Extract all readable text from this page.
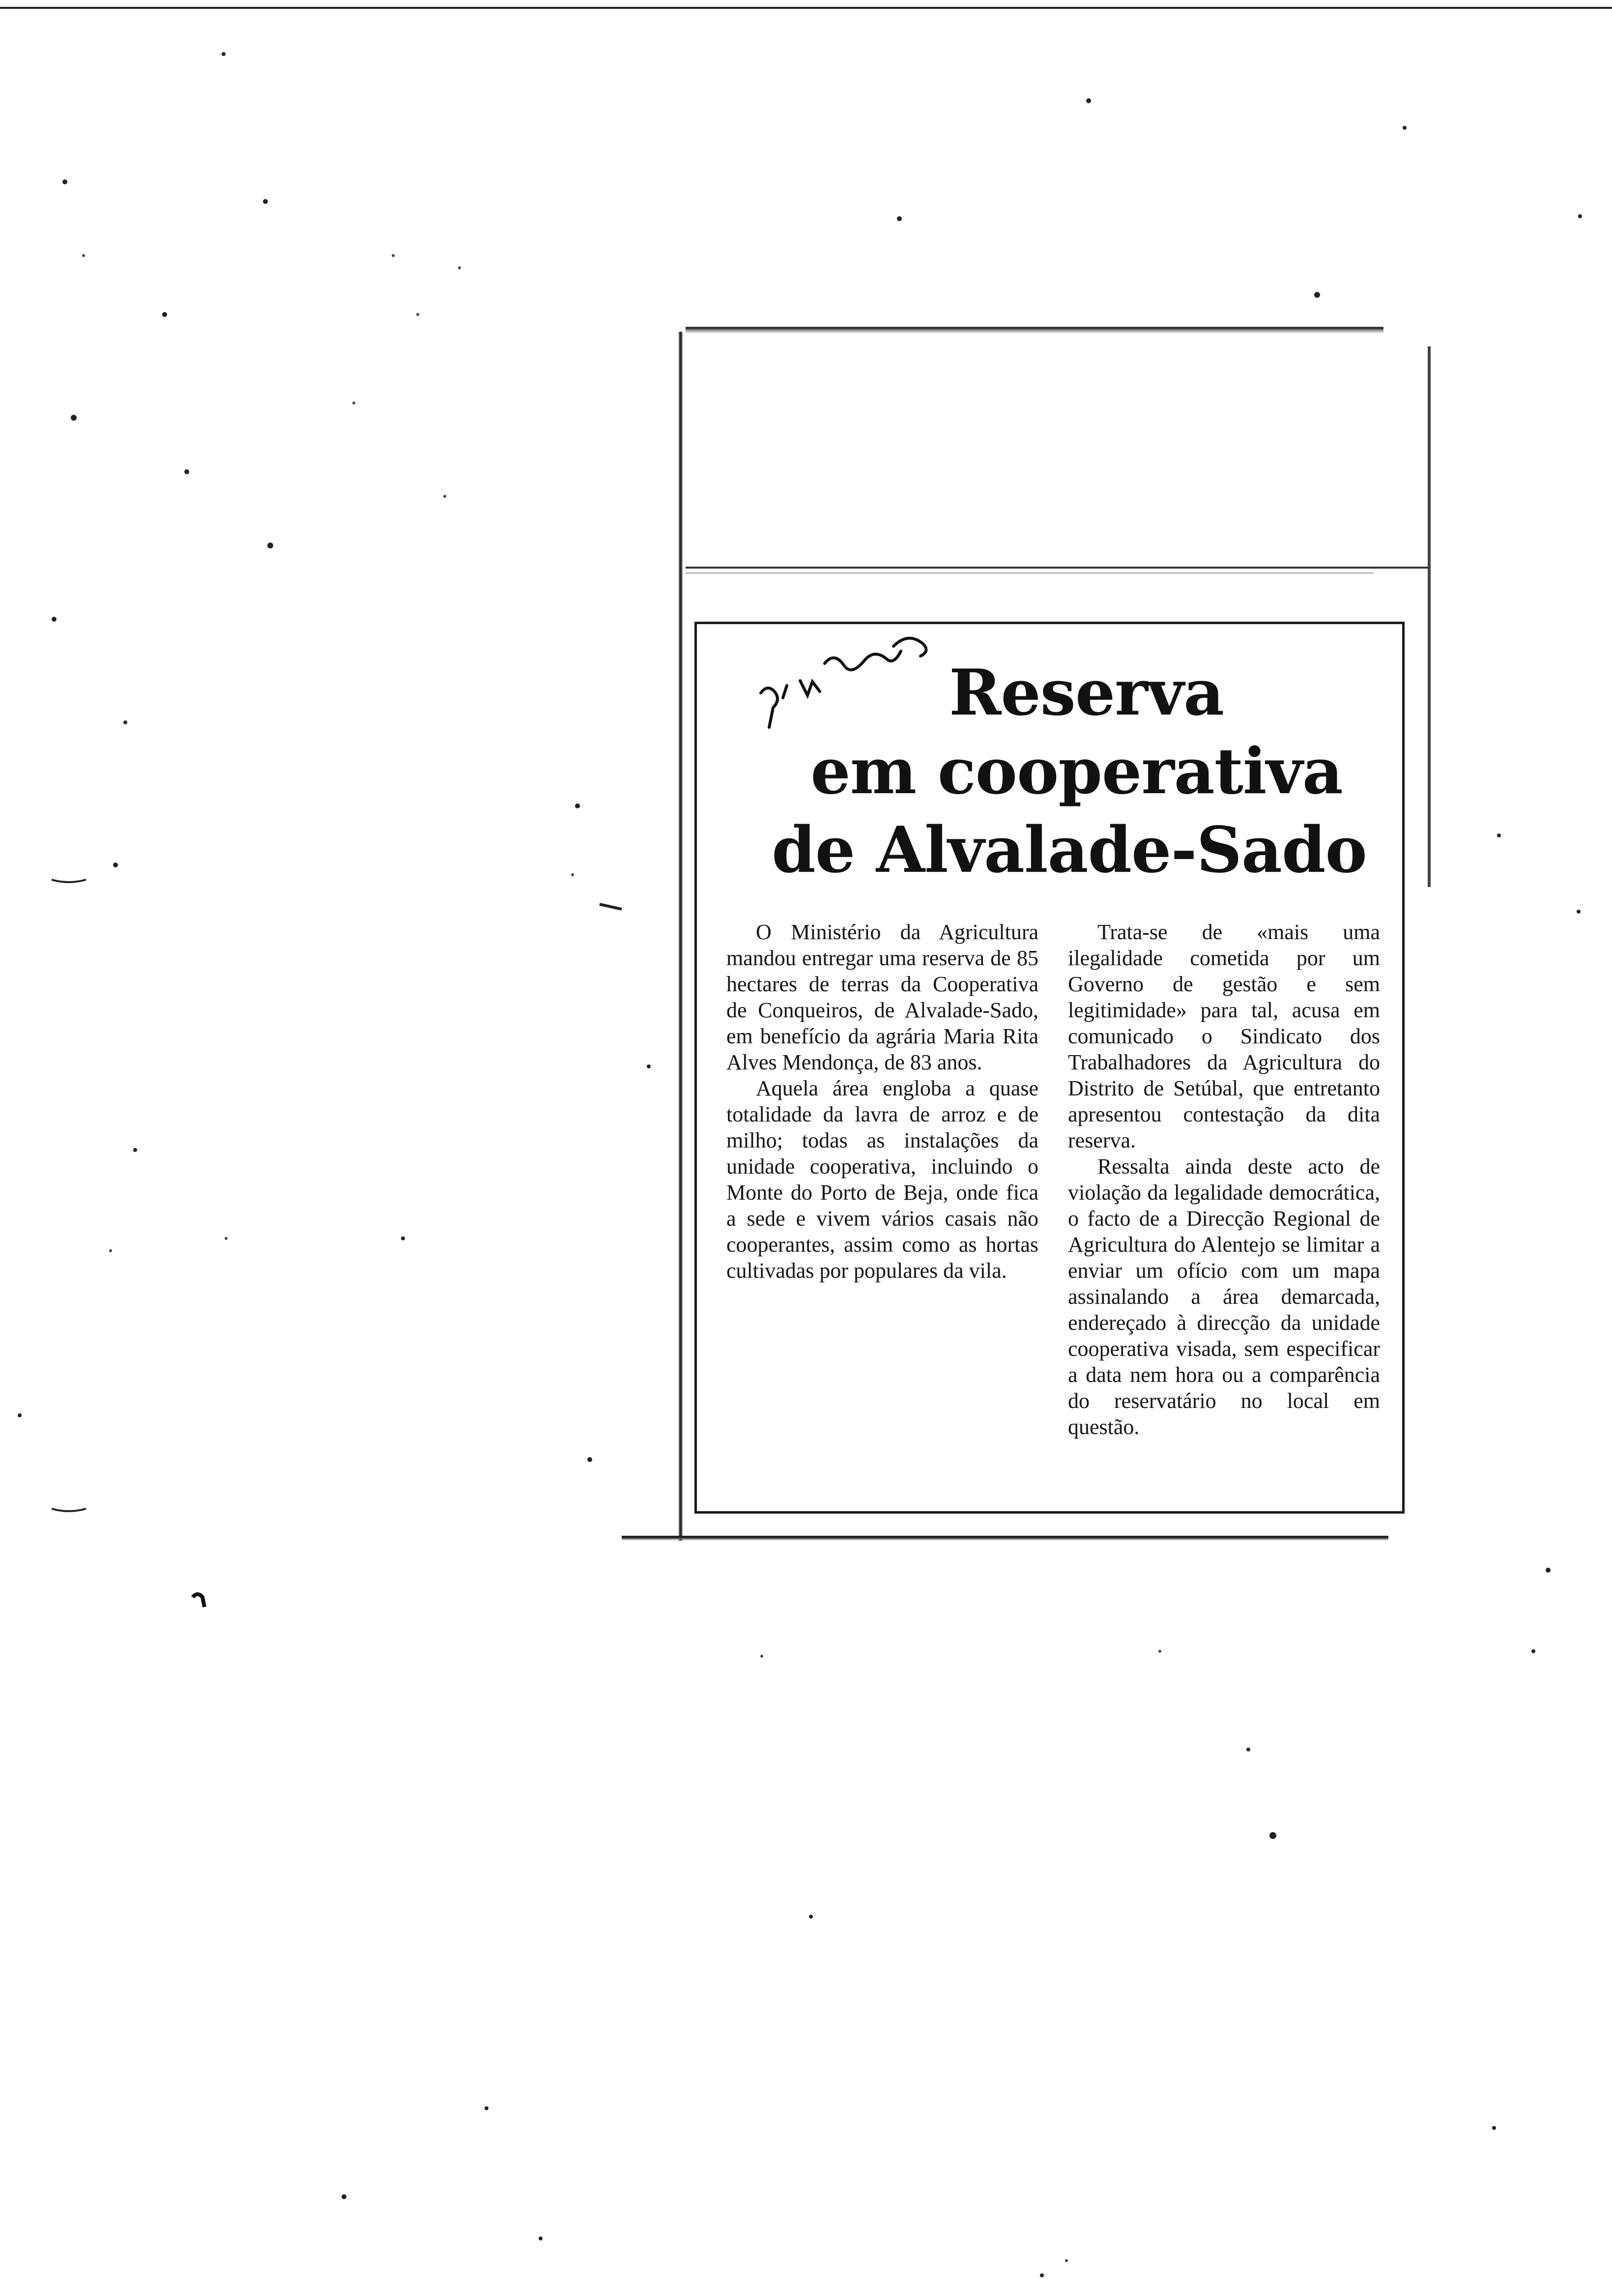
Reserva
em cooperativa
de Alvalade-Sado

O Ministério da Agricultura mandou entregar uma reserva de 85 hectares de terras da Cooperativa de Conqueiros, de Alvalade-Sado, em benefício da agrária Maria Rita Alves Mendonça, de 83 anos.

Aquela área engloba a quase totalidade da lavra de arroz e de milho; todas as instalações da unidade cooperativa, incluindo o Monte do Porto de Beja, onde fica a sede e vivem vários casais não cooperantes, assim como as hortas cultivadas por populares da vila.

Trata-se de «mais uma ilegalidade cometida por um Governo de gestão e sem legitimidade» para tal, acusa em comunicado o Sindicato dos Trabalhadores da Agricultura do Distrito de Setúbal, que entretanto apresentou contestação da dita reserva.

Ressalta ainda deste acto de violação da legalidade democrática, o facto de a Direcção Regional de Agricultura do Alentejo se limitar a enviar um ofício com um mapa assinalando a área demarcada, endereçado à direcção da unidade cooperativa visada, sem especificar a data nem hora ou a comparência do reservatário no local em questão.
